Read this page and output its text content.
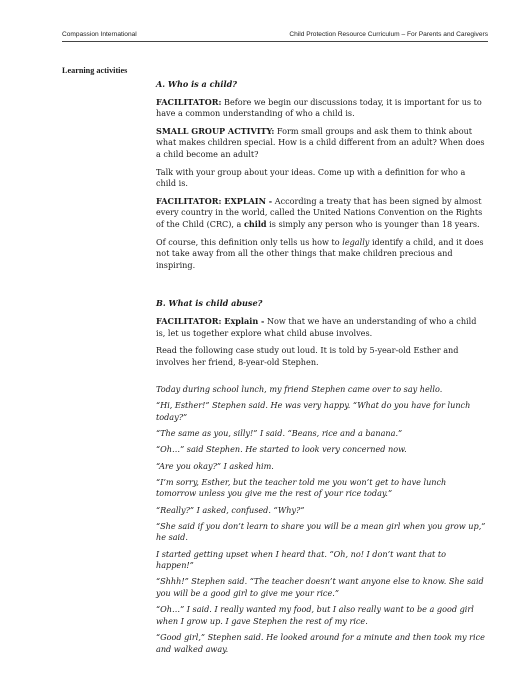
Compassion International	Child Protection Resource Curriculum – For Parents and Caregivers
Learning activities

A. Who is a child?

FACILITATOR: Before we begin our discussions today, it is important for us to have a common understanding of who a child is.

SMALL GROUP ACTIVITY: Form small groups and ask them to think about what makes children special. How is a child different from an adult? When does a child become an adult?

Talk with your group about your ideas. Come up with a definition for who a child is.

FACILITATOR: EXPLAIN - According a treaty that has been signed by almost every country in the world, called the United Nations Convention on the Rights of the Child (CRC), a child is simply any person who is younger than 18 years.

Of course, this definition only tells us how to legally identify a child, and it does not take away from all the other things that make children precious and inspiring.

B. What is child abuse?

FACILITATOR: Explain - Now that we have an understanding of who a child is, let us together explore what child abuse involves.

Read the following case study out loud. It is told by 5-year-old Esther and involves her friend, 8-year-old Stephen.

Today during school lunch, my friend Stephen came over to say hello.

“Hi, Esther!” Stephen said. He was very happy. “What do you have for lunch today?”

“The same as you, silly!” I said. “Beans, rice and a banana.”

“Oh…” said Stephen. He started to look very concerned now.

“Are you okay?” I asked him.

“I’m sorry, Esther, but the teacher told me you won’t get to have lunch tomorrow unless you give me the rest of your rice today.”

“Really?” I asked, confused. “Why?”

“She said if you don’t learn to share you will be a mean girl when you grow up,” he said.

I started getting upset when I heard that. “Oh, no! I don’t want that to happen!”

“Shhh!” Stephen said. “The teacher doesn’t want anyone else to know. She said you will be a good girl to give me your rice.”

“Oh…” I said. I really wanted my food, but I also really want to be a good girl when I grow up. I gave Stephen the rest of my rice.

“Good girl,” Stephen said. He looked around for a minute and then took my rice and walked away.
